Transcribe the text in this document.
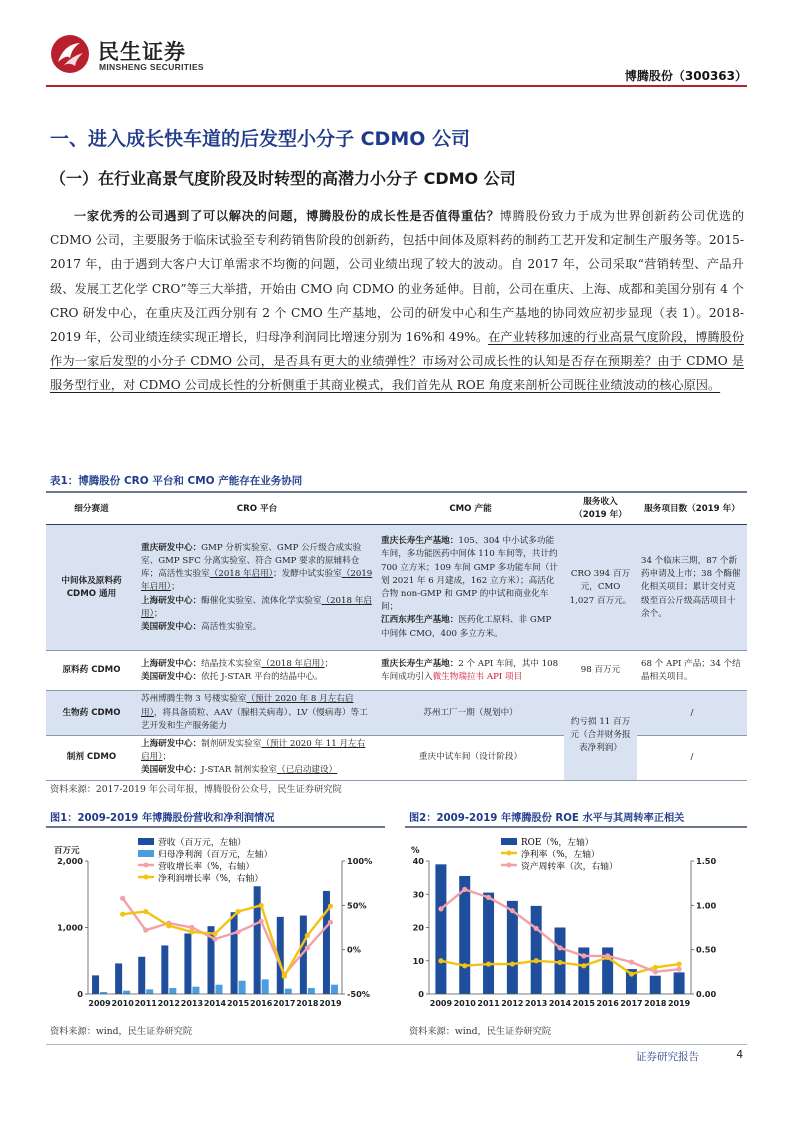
民生证券
MINSHENG SECURITIES
博腾股份（300363）
一、进入成长快车道的后发型小分子 CDMO 公司
（一）在行业高景气度阶段及时转型的高潜力小分子 CDMO 公司

一家优秀的公司遇到了可以解决的问题，博腾股份的成长性是否值得重估？博腾股份致力于成为世界创新药公司优选的 CDMO 公司，主要服务于临床试验至专利药销售阶段的创新药，包括中间体及原料药的制药工艺开发和定制生产服务等。2015-2017 年，由于遇到大客户大订单需求不均衡的问题，公司业绩出现了较大的波动。自 2017 年，公司采取“营销转型、产品升级、发展工艺化学 CRO”等三大举措，开始由 CMO 向 CDMO 的业务延伸。目前，公司在重庆、上海、成都和美国分别有 4 个 CRO 研发中心，在重庆及江西分别有 2 个 CMO 生产基地，公司的研发中心和生产基地的协同效应初步显现（表 1）。2018-2019 年，公司业绩连续实现正增长，归母净利润同比增速分别为 16%和 49%。在产业转移加速的行业高景气度阶段，博腾股份作为一家后发型的小分子 CDMO 公司，是否具有更大的业绩弹性？市场对公司成长性的认知是否存在预期差？由于 CDMO 是服务型行业，对 CDMO 公司成长性的分析侧重于其商业模式，我们首先从 ROE 角度来剖析公司既往业绩波动的核心原因。

表1：博腾股份 CRO 平台和 CMO 产能存在业务协同
细分赛道	CRO 平台	CMO 产能	服务收入（2019 年）	服务项目数（2019 年）
中间体及原料药 CDMO 通用	重庆研发中心：GMP 分析实验室、GMP 公斤级合成实验室、GMP SFC 分离实验室、符合 GMP 要求的原辅料仓库；高活性实验室（2018 年启用）；发酵中试实验室（2019 年启用）；
上海研发中心：酶催化实验室、流体化学实验室（2018 年启用）；
美国研发中心：高活性实验室。	重庆长寿生产基地：105、304 中小试多功能车间，多功能医药中间体 110 车间等，共计约 700 立方米；109 车间 GMP 多功能车间（计划 2021 年 6 月建成，162 立方米）；高活化合物 non-GMP 和 GMP 的中试和商业化车间；
江西东邦生产基地：医药化工原料、非 GMP 中间体 CMO，400 多立方米。	CRO 394 百万元，CMO 1,027 百万元。	34 个临床三期，87 个新药申请及上市；38 个酶催化相关项目；累计交付克级至百公斤级高活项目十余个。
原料药 CDMO	上海研发中心：结晶技术实验室（2018 年启用）；
美国研发中心：依托 J-STAR 平台的结晶中心。	重庆长寿生产基地：2 个 API 车间，其中 108 车间成功引入微生物瑞拉韦 API 项目	98 百万元	68 个 API 产品；34 个结晶相关项目。
生物药 CDMO	苏州博腾生物 3 号楼实验室（预计 2020 年 8 月左右启用），将具备质粒、AAV（腺相关病毒）、LV（慢病毒）等工艺开发和生产服务能力	苏州工厂一期（规划中）	约亏损 11 百万元（合并财务报表净利润）	/
制剂 CDMO	上海研发中心：制剂研发实验室（预计 2020 年 11 月左右启用）；
美国研发中心：J-STAR 制剂实验室（已启动建设）	重庆中试车间（设计阶段）		/
资料来源：2017-2019 年公司年报，博腾股份公众号，民生证券研究院
图1：2009-2019 年博腾股份营收和净利润情况
百万元
0
1,000
2,000
-50%
0%
50%
100%
2009 2010 2011 2012 2013 2014 2015 2016 2017 2018 2019
营收（百万元，左轴）
归母净利润（百万元，左轴）
营收增长率（%，右轴）
净利润增长率（%，右轴）
资料来源：wind，民生证券研究院
图2：2009-2019 年博腾股份 ROE 水平与其周转率正相关
%
0
10
20
30
40
0.00
0.50
1.00
1.50
2009 2010 2011 2012 2013 2014 2015 2016 2017 2018 2019
ROE（%，左轴）
净利率（%，左轴）
资产周转率（次，右轴）
资料来源：wind，民生证券研究院
证券研究报告	4
